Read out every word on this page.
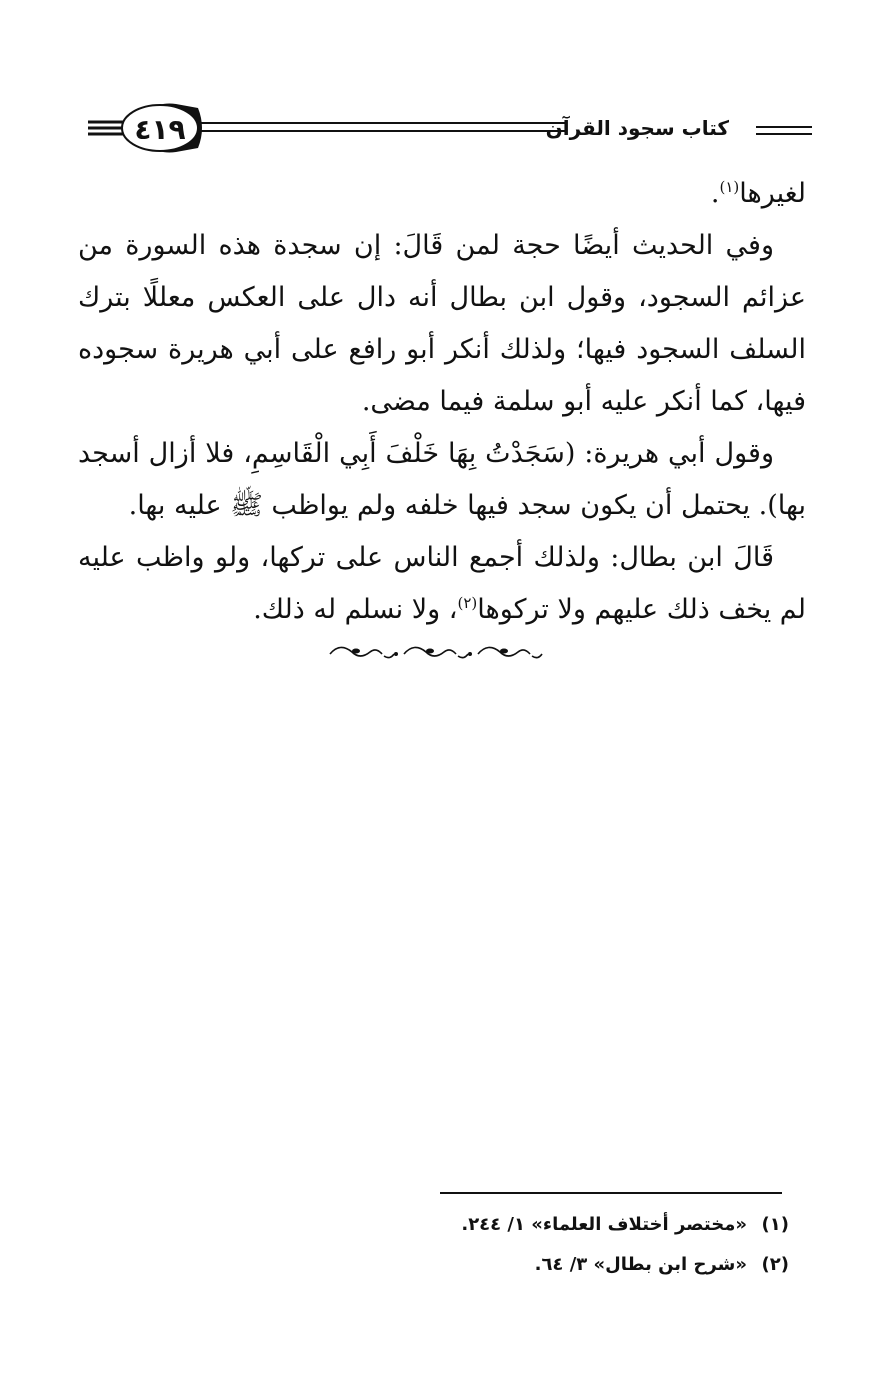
كتاب سجود القرآن
٤١٩

لغيرها$^{(١)}$.

وفي الحديث أيضًا حجة لمن قَالَ: إن سجدة هذه السورة من عزائم السجود، وقول ابن بطال أنه دال على العكس معللًا بترك السلف السجود فيها؛ ولذلك أنكر أبو رافع على أبي هريرة سجوده فيها، كما أنكر عليه أبو سلمة فيما مضى.

وقول أبي هريرة: (سَجَدْتُ بِهَا خَلْفَ أَبِي الْقَاسِمِ، فلا أزال أسجد بها). يحتمل أن يكون سجد فيها خلفه ولم يواظب ﷺ عليه بها.

قَالَ ابن بطال: ولذلك أجمع الناس على تركها، ولو واظب عليه لم يخف ذلك عليهم ولا تركوها$^{(٢)}$، ولا نسلم له ذلك.

(١)
«مختصر أختلاف العلماء» ١/ ٢٤٤.
(٢)
«شرح ابن بطال» ٣/ ٦٤.
